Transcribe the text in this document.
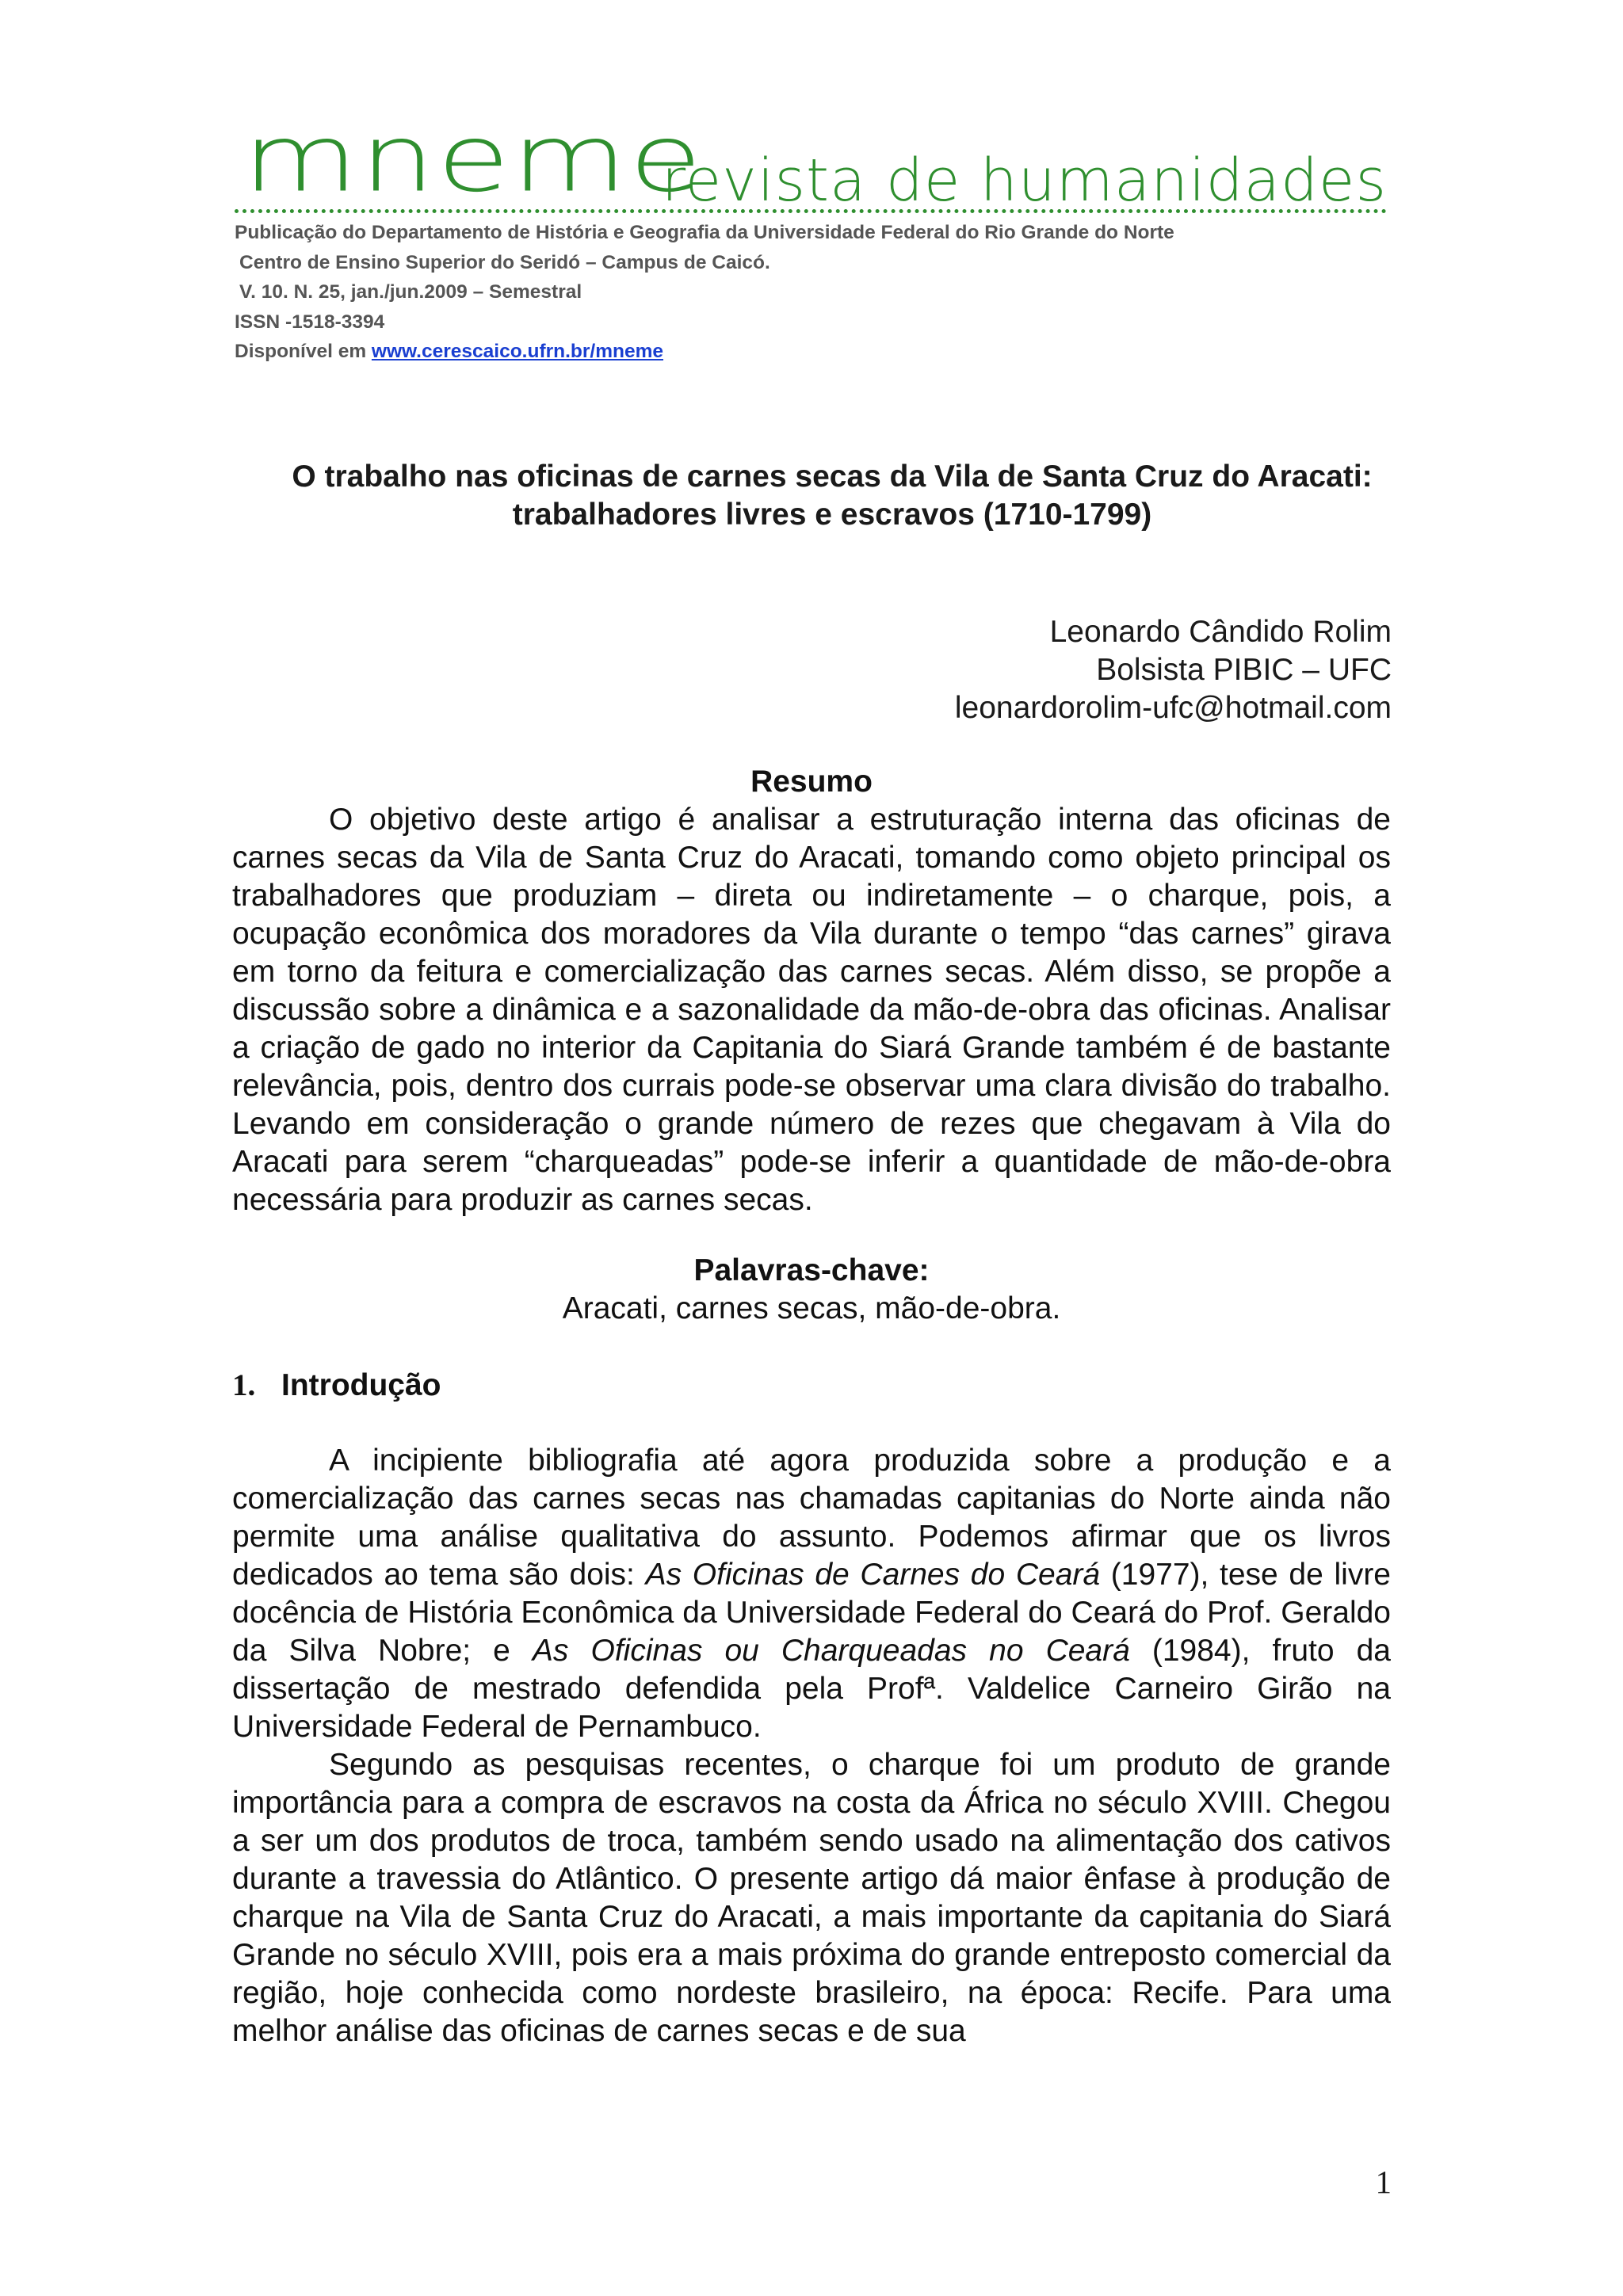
mneme
revista de humanidades
Publicação do Departamento de História e Geografia da Universidade Federal do Rio Grande do Norte
Centro de Ensino Superior do Seridó – Campus de Caicó.
V. 10. N. 25, jan./jun.2009 – Semestral
ISSN -1518-3394
Disponível em www.cerescaico.ufrn.br/mneme
O trabalho nas oficinas de carnes secas da Vila de Santa Cruz do Aracati:
trabalhadores livres e escravos (1710-1799)
Leonardo Cândido Rolim
Bolsista PIBIC – UFC
leonardorolim-ufc@hotmail.com
Resumo

O objetivo deste artigo é analisar a estruturação interna das oficinas de carnes secas da Vila de Santa Cruz do Aracati, tomando como objeto principal os trabalhadores que produziam – direta ou indiretamente – o charque, pois, a ocupação econômica dos moradores da Vila durante o tempo “das carnes” girava em torno da feitura e comercialização das carnes secas. Além disso, se propõe a discussão sobre a dinâmica e a sazonalidade da mão-de-obra das oficinas. Analisar a criação de gado no interior da Capitania do Siará Grande também é de bastante relevância, pois, dentro dos currais pode-se observar uma clara divisão do trabalho. Levando em consideração o grande número de rezes que chegavam à Vila do Aracati para serem “charqueadas” pode-se inferir a quantidade de mão-de-obra necessária para produzir as carnes secas.

Palavras-chave:
Aracati, carnes secas, mão-de-obra.
1. Introdução

A incipiente bibliografia até agora produzida sobre a produção e a comercialização das carnes secas nas chamadas capitanias do Norte ainda não permite uma análise qualitativa do assunto. Podemos afirmar que os livros dedicados ao tema são dois: As Oficinas de Carnes do Ceará (1977), tese de livre docência de História Econômica da Universidade Federal do Ceará do Prof. Geraldo da Silva Nobre; e As Oficinas ou Charqueadas no Ceará (1984), fruto da dissertação de mestrado defendida pela Profª. Valdelice Carneiro Girão na Universidade Federal de Pernambuco.

Segundo as pesquisas recentes, o charque foi um produto de grande importância para a compra de escravos na costa da África no século XVIII. Chegou a ser um dos produtos de troca, também sendo usado na alimentação dos cativos durante a travessia do Atlântico. O presente artigo dá maior ênfase à produção de charque na Vila de Santa Cruz do Aracati, a mais importante da capitania do Siará Grande no século XVIII, pois era a mais próxima do grande entreposto comercial da região, hoje conhecida como nordeste brasileiro, na época: Recife. Para uma melhor análise das oficinas de carnes secas e de sua

1
